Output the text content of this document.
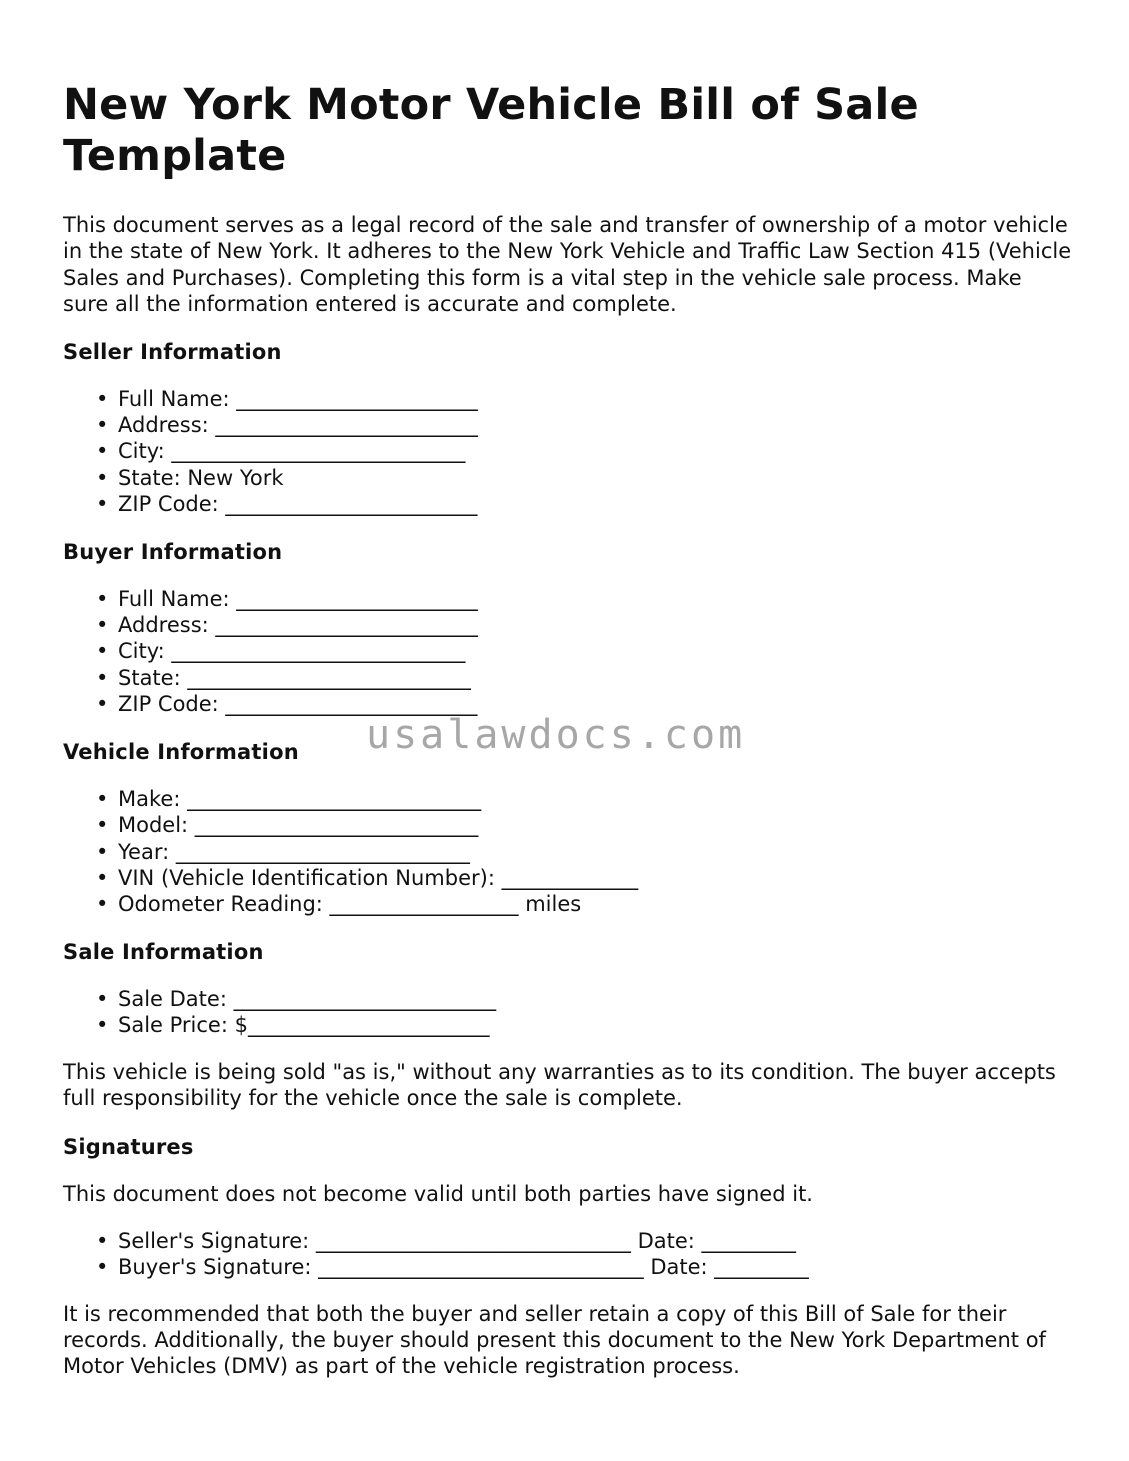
New York Motor Vehicle Bill of Sale Template

This document serves as a legal record of the sale and transfer of ownership of a motor vehicle in the state of New York. It adheres to the New York Vehicle and Traffic Law Section 415 (Vehicle Sales and Purchases). Completing this form is a vital step in the vehicle sale process. Make sure all the information entered is accurate and complete.

Seller Information
• Full Name: _______________________
• Address: _________________________
• City: ____________________________
• State: New York
• ZIP Code: ________________________
Buyer Information
• Full Name: _______________________
• Address: _________________________
• City: ____________________________
• State: ___________________________
• ZIP Code: ________________________
Vehicle Information
• Make: ____________________________
• Model: ___________________________
• Year: ____________________________
• VIN (Vehicle Identification Number): _____________
• Odometer Reading: __________________ miles
Sale Information
• Sale Date: _________________________
• Sale Price: $_______________________

This vehicle is being sold "as is," without any warranties as to its condition. The buyer accepts full responsibility for the vehicle once the sale is complete.

Signatures

This document does not become valid until both parties have signed it.

• Seller's Signature: ______________________________ Date: _________
• Buyer's Signature: _______________________________ Date: _________

It is recommended that both the buyer and seller retain a copy of this Bill of Sale for their records. Additionally, the buyer should present this document to the New York Department of Motor Vehicles (DMV) as part of the vehicle registration process.

usalawdocs.com
